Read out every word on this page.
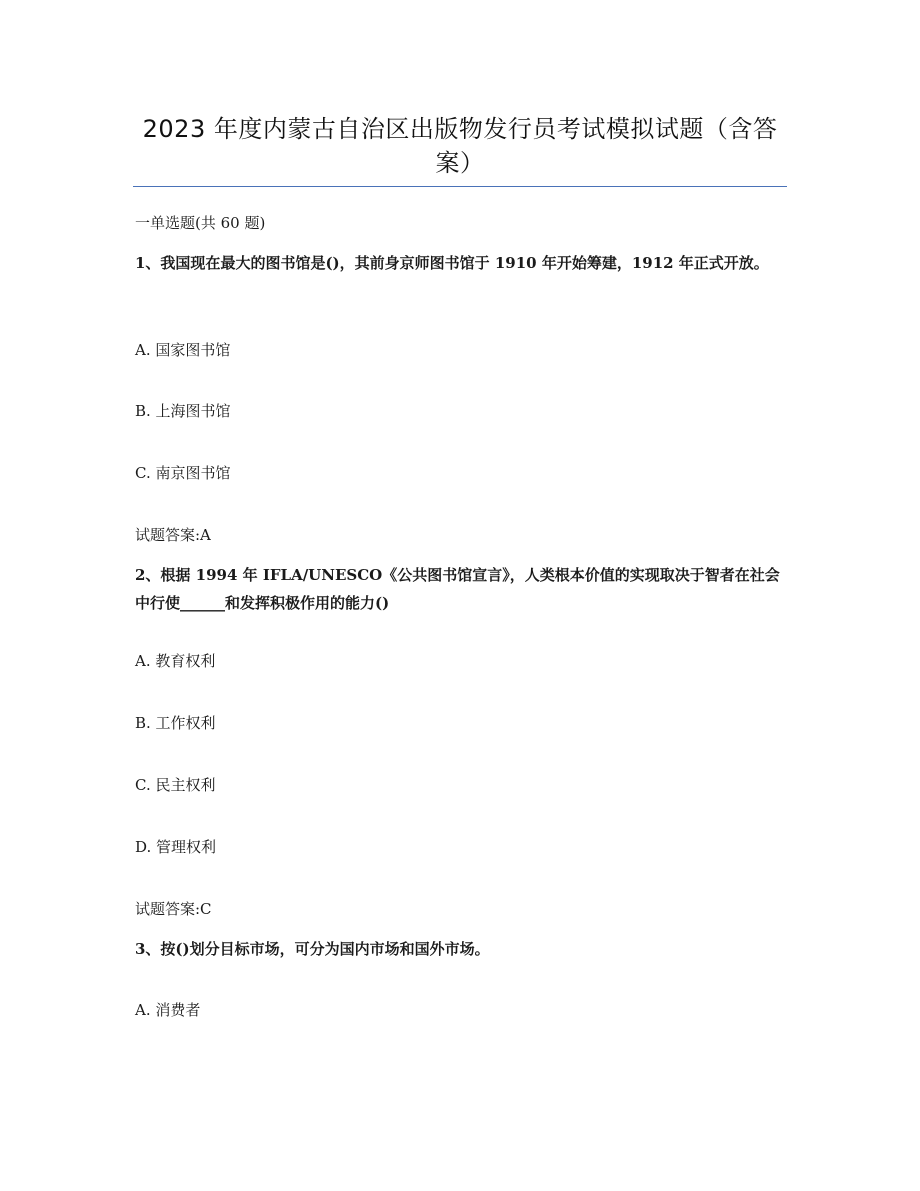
2023 年度内蒙古自治区出版物发行员考试模拟试题（含答案）
一单选题(共 60 题)
1、我国现在最大的图书馆是()，其前身京师图书馆于 1910 年开始筹建，1912 年正式开放。
A. 国家图书馆
B. 上海图书馆
C. 南京图书馆
试题答案:A
2、根据 1994 年 IFLA/UNESCO《公共图书馆宣言》，人类根本价值的实现取决于智者在社会中行使______和发挥积极作用的能力()
A. 教育权利
B. 工作权利
C. 民主权利
D. 管理权利
试题答案:C
3、按()划分目标市场，可分为国内市场和国外市场。
A. 消费者
